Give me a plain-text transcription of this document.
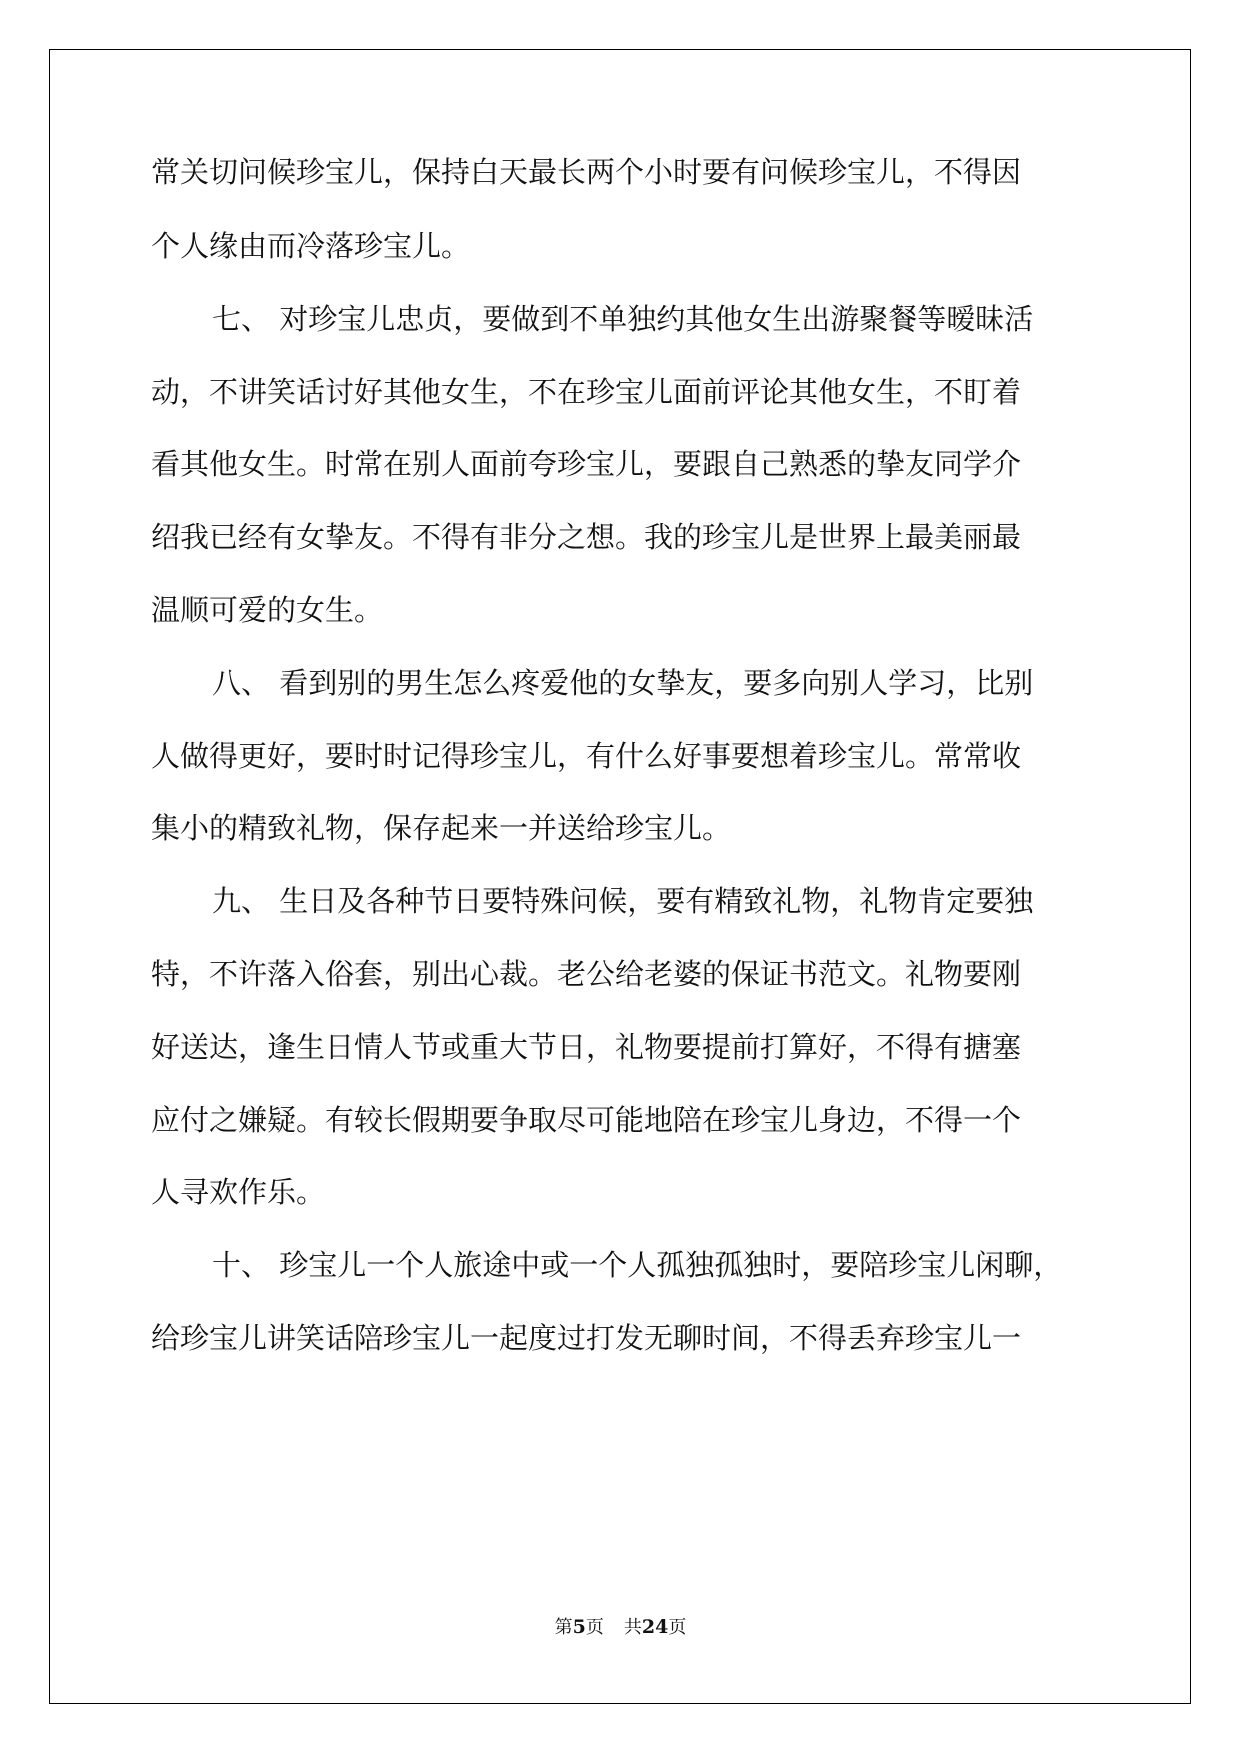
常关切问候珍宝儿，保持白天最长两个小时要有问候珍宝儿，不得因
个人缘由而冷落珍宝儿。
七、 对珍宝儿忠贞，要做到不单独约其他女生出游聚餐等暧昧活
动，不讲笑话讨好其他女生，不在珍宝儿面前评论其他女生，不盯着
看其他女生。时常在别人面前夸珍宝儿，要跟自己熟悉的挚友同学介
绍我已经有女挚友。不得有非分之想。我的珍宝儿是世界上最美丽最
温顺可爱的女生。
八、 看到别的男生怎么疼爱他的女挚友，要多向别人学习，比别
人做得更好，要时时记得珍宝儿，有什么好事要想着珍宝儿。常常收
集小的精致礼物，保存起来一并送给珍宝儿。
九、 生日及各种节日要特殊问候，要有精致礼物，礼物肯定要独
特，不许落入俗套，别出心裁。老公给老婆的保证书范文。礼物要刚
好送达，逢生日情人节或重大节日，礼物要提前打算好，不得有搪塞
应付之嫌疑。有较长假期要争取尽可能地陪在珍宝儿身边，不得一个
人寻欢作乐。
十、 珍宝儿一个人旅途中或一个人孤独孤独时，要陪珍宝儿闲聊，
给珍宝儿讲笑话陪珍宝儿一起度过打发无聊时间，不得丢弃珍宝儿一
第5页 共24页
